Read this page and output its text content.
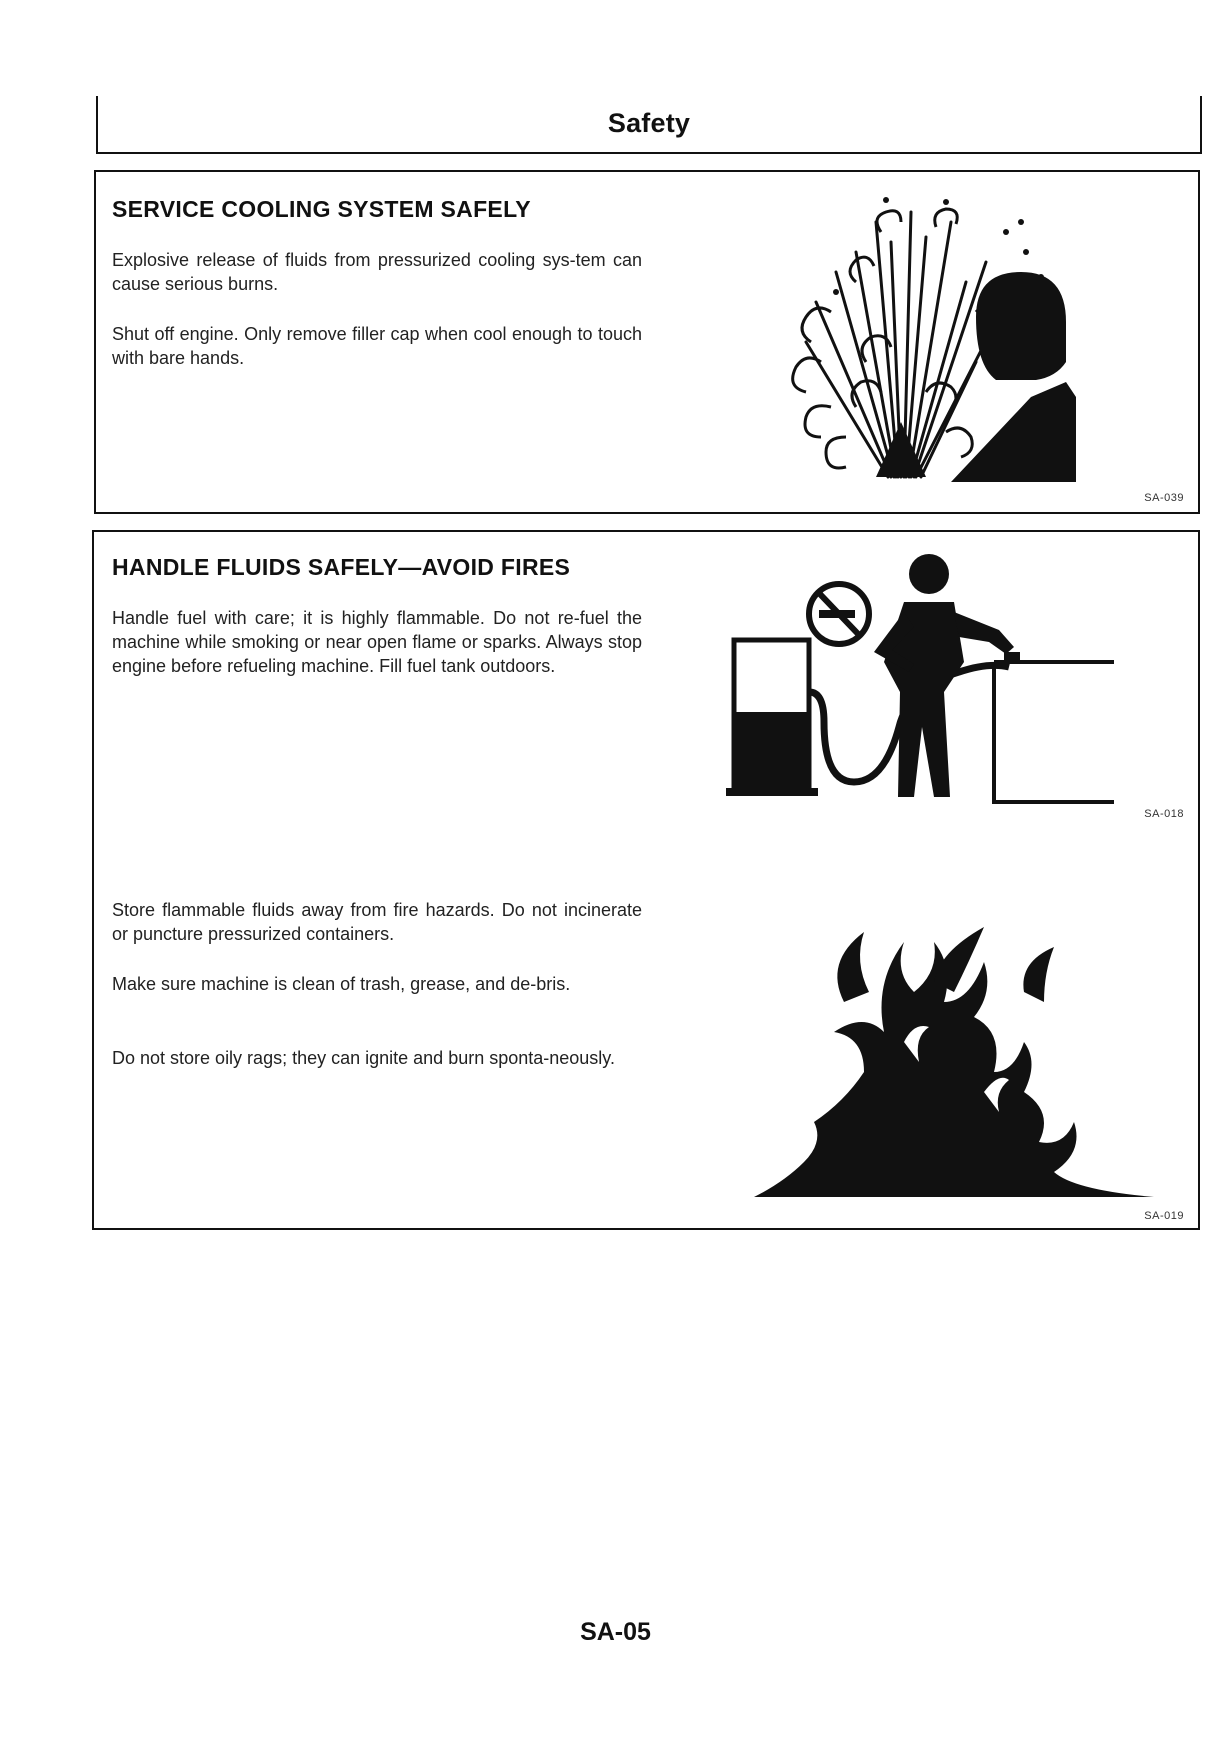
Safety
SERVICE COOLING SYSTEM SAFELY
Explosive release of fluids from pressurized cooling sys-tem can cause serious burns.
Shut off engine. Only remove filler cap when cool enough to touch with bare hands.
SA-039
HANDLE FLUIDS SAFELY—AVOID FIRES
Handle fuel with care; it is highly flammable. Do not re-fuel the machine while smoking or near open flame or sparks. Always stop engine before refueling machine. Fill fuel tank outdoors.
SA-018
Store flammable fluids away from fire hazards. Do not incinerate or puncture pressurized containers.
Make sure machine is clean of trash, grease, and de-bris.
Do not store oily rags; they can ignite and burn sponta-neously.
SA-019
SA-05
